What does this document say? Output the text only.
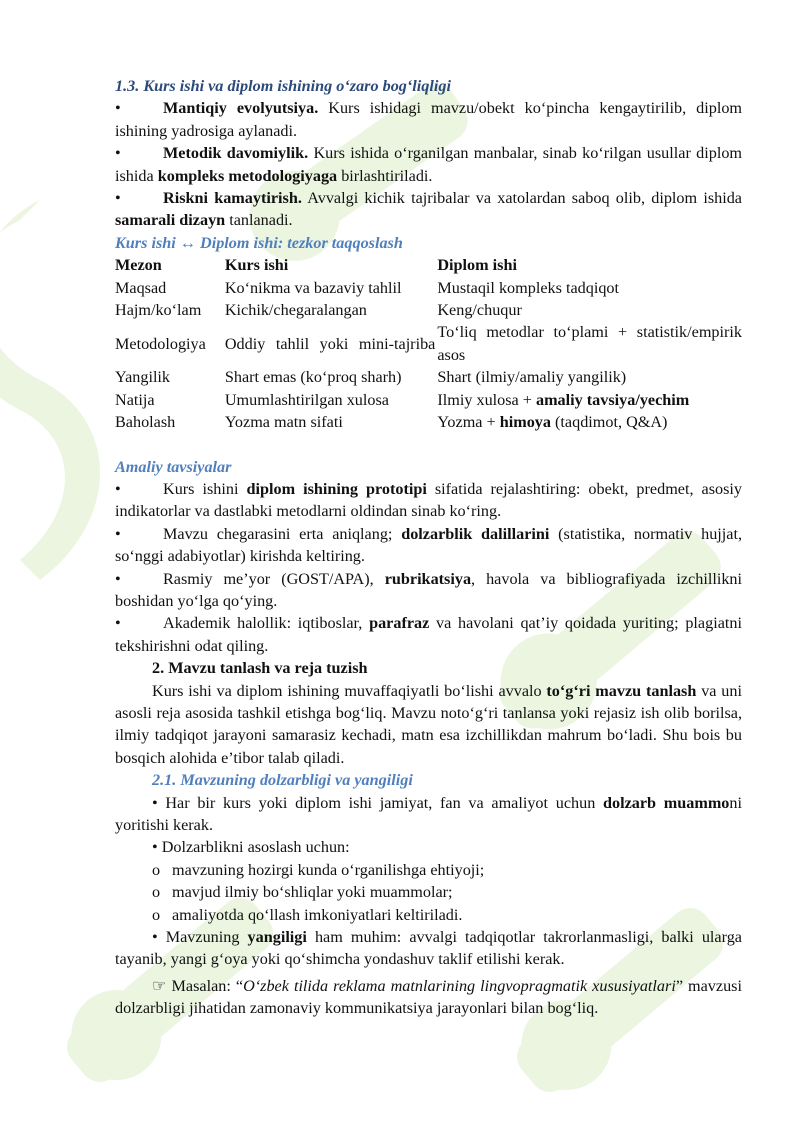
1.3. Kurs ishi va diplom ishining o‘zaro bog‘liqligi

•	Mantiqiy evolyutsiya. Kurs ishidagi mavzu/obekt ko‘pincha kengaytirilib, diplom ishining yadrosiga aylanadi.

•	Metodik davomiylik. Kurs ishida o‘rganilgan manbalar, sinab ko‘rilgan usullar diplom ishida kompleks metodologiyaga birlashtiriladi.

•	Riskni kamaytirish. Avvalgi kichik tajribalar va xatolardan saboq olib, diplom ishida samarali dizayn tanlanadi.

Kurs ishi ↔ Diplom ishi: tezkor taqqoslash

Mezon	Kurs ishi	Diplom ishi
Maqsad	Ko‘nikma va bazaviy tahlil	Mustaqil kompleks tadqiqot
Hajm/ko‘lam	Kichik/chegaralangan	Keng/chuqur
Metodologiya	Oddiy tahlil yoki mini-tajriba	To‘liq metodlar to‘plami + statistik/empirik asos
Yangilik	Shart emas (ko‘proq sharh)	Shart (ilmiy/amaliy yangilik)
Natija	Umumlashtirilgan xulosa	Ilmiy xulosa + amaliy tavsiya/yechim
Baholash	Yozma matn sifati	Yozma + himoya (taqdimot, Q&A)

Amaliy tavsiyalar

•	Kurs ishini diplom ishining prototipi sifatida rejalashtiring: obekt, predmet, asosiy indikatorlar va dastlabki metodlarni oldindan sinab ko‘ring.

•	Mavzu chegarasini erta aniqlang; dolzarblik dalillarini (statistika, normativ hujjat, so‘nggi adabiyotlar) kirishda keltiring.

•	Rasmiy me’yor (GOST/APA), rubrikatsiya, havola va bibliografiyada izchillikni boshidan yo‘lga qo‘ying.

•	Akademik halollik: iqtiboslar, parafraz va havolani qat’iy qoidada yuriting; plagiatni tekshirishni odat qiling.

2. Mavzu tanlash va reja tuzish

Kurs ishi va diplom ishining muvaffaqiyatli bo‘lishi avvalo to‘g‘ri mavzu tanlash va uni asosli reja asosida tashkil etishga bog‘liq. Mavzu noto‘g‘ri tanlansa yoki rejasiz ish olib borilsa, ilmiy tadqiqot jarayoni samarasiz kechadi, matn esa izchillikdan mahrum bo‘ladi. Shu bois bu bosqich alohida e’tibor talab qiladi.

2.1. Mavzuning dolzarbligi va yangiligi

• Har bir kurs yoki diplom ishi jamiyat, fan va amaliyot uchun dolzarb muammoni yoritishi kerak.

• Dolzarblikni asoslash uchun:

o mavzuning hozirgi kunda o‘rganilishga ehtiyoji;
o mavjud ilmiy bo‘shliqlar yoki muammolar;
o amaliyotda qo‘llash imkoniyatlari keltiriladi.

• Mavzuning yangiligi ham muhim: avvalgi tadqiqotlar takrorlanmasligi, balki ularga tayanib, yangi g‘oya yoki qo‘shimcha yondashuv taklif etilishi kerak.

☞ Masalan: “O‘zbek tilida reklama matnlarining lingvopragmatik xususiyatlari” mavzusi dolzarbligi jihatidan zamonaviy kommunikatsiya jarayonlari bilan bog‘liq.
